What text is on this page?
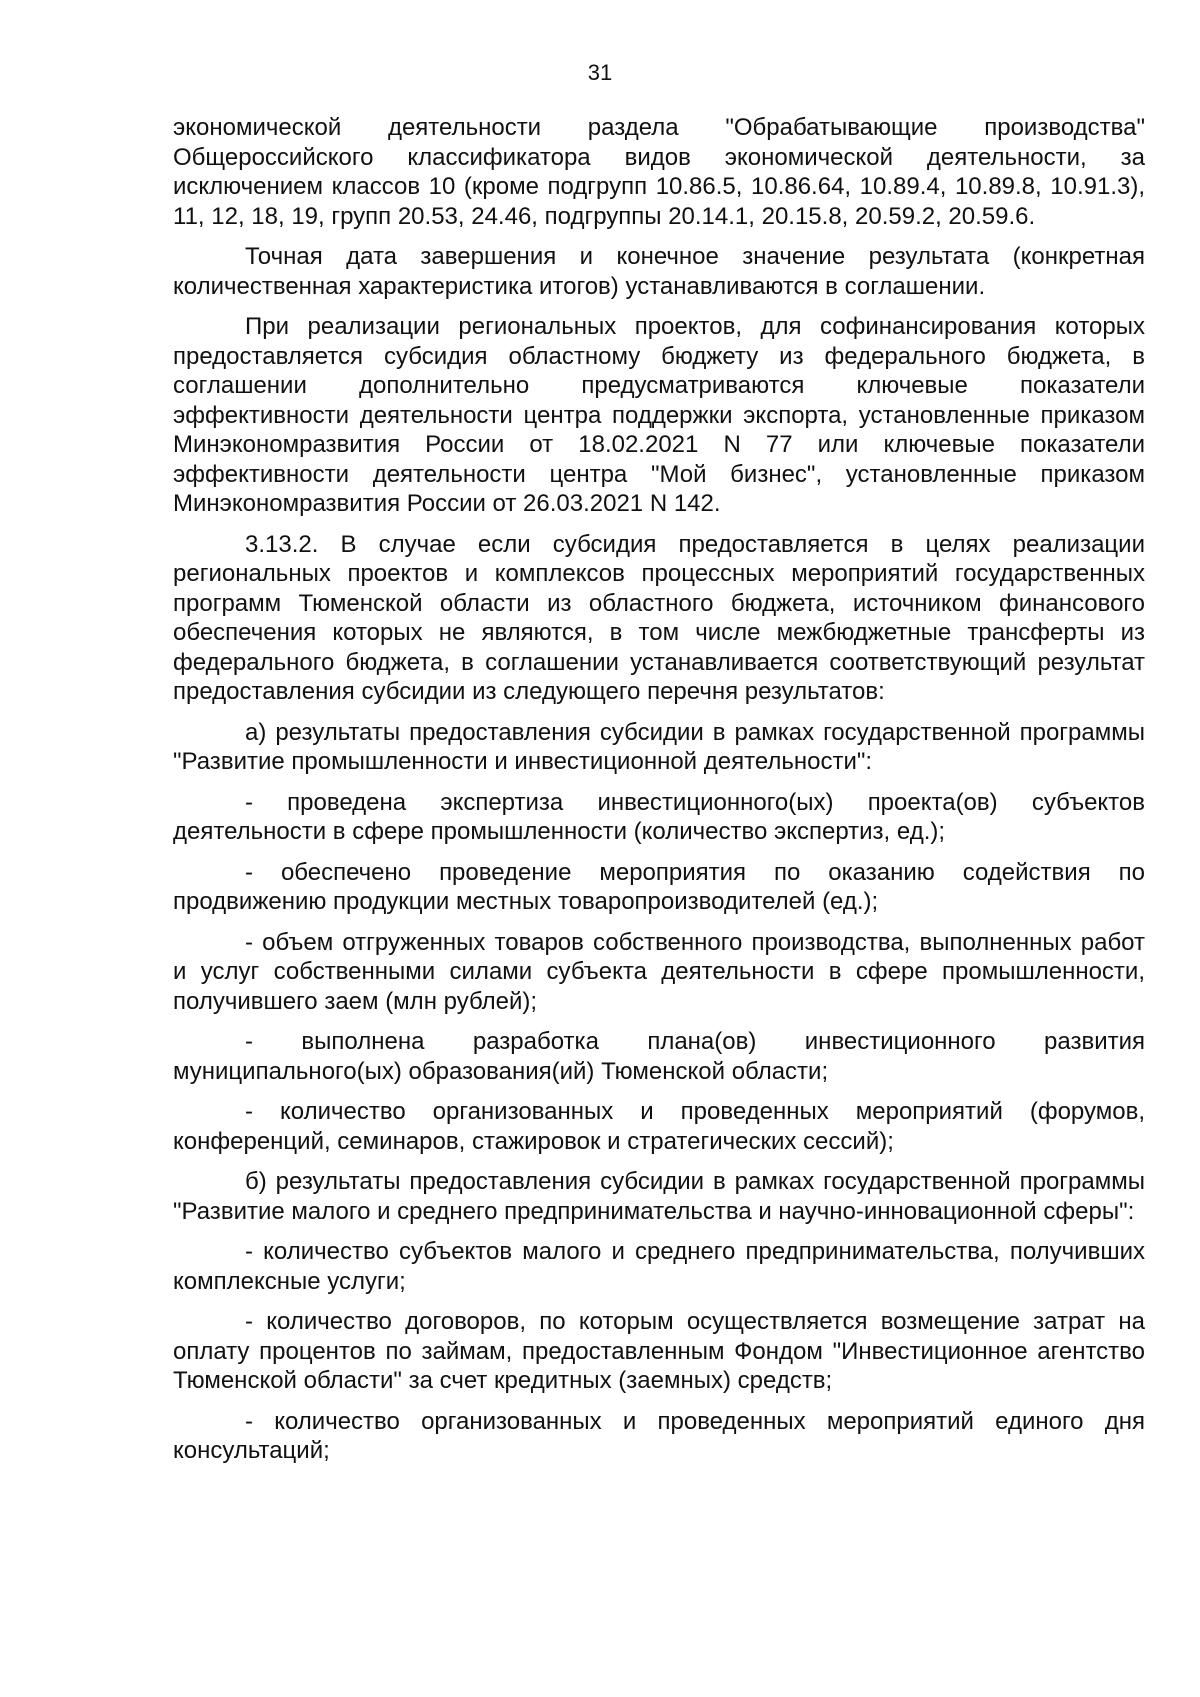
31

экономической деятельности раздела "Обрабатывающие производства" Общероссийского классификатора видов экономической деятельности, за исключением классов 10 (кроме подгрупп 10.86.5, 10.86.64, 10.89.4, 10.89.8, 10.91.3), 11, 12, 18, 19, групп 20.53, 24.46, подгруппы 20.14.1, 20.15.8, 20.59.2, 20.59.6.

Точная дата завершения и конечное значение результата (конкретная количественная характеристика итогов) устанавливаются в соглашении.

При реализации региональных проектов, для софинансирования которых предоставляется субсидия областному бюджету из федерального бюджета, в соглашении дополнительно предусматриваются ключевые показатели эффективности деятельности центра поддержки экспорта, установленные приказом Минэкономразвития России от 18.02.2021 N 77 или ключевые показатели эффективности деятельности центра "Мой бизнес", установленные приказом Минэкономразвития России от 26.03.2021 N 142.

3.13.2. В случае если субсидия предоставляется в целях реализации региональных проектов и комплексов процессных мероприятий государственных программ Тюменской области из областного бюджета, источником финансового обеспечения которых не являются, в том числе межбюджетные трансферты из федерального бюджета, в соглашении устанавливается соответствующий результат предоставления субсидии из следующего перечня результатов:

а) результаты предоставления субсидии в рамках государственной программы "Развитие промышленности и инвестиционной деятельности":

- проведена экспертиза инвестиционного(ых) проекта(ов) субъектов деятельности в сфере промышленности (количество экспертиз, ед.);

- обеспечено проведение мероприятия по оказанию содействия по продвижению продукции местных товаропроизводителей (ед.);

- объем отгруженных товаров собственного производства, выполненных работ и услуг собственными силами субъекта деятельности в сфере промышленности, получившего заем (млн рублей);

- выполнена разработка плана(ов) инвестиционного развития муниципального(ых) образования(ий) Тюменской области;

- количество организованных и проведенных мероприятий (форумов, конференций, семинаров, стажировок и стратегических сессий);

б) результаты предоставления субсидии в рамках государственной программы "Развитие малого и среднего предпринимательства и научно-инновационной сферы":

- количество субъектов малого и среднего предпринимательства, получивших комплексные услуги;

- количество договоров, по которым осуществляется возмещение затрат на оплату процентов по займам, предоставленным Фондом "Инвестиционное агентство Тюменской области" за счет кредитных (заемных) средств;

- количество организованных и проведенных мероприятий единого дня консультаций;
